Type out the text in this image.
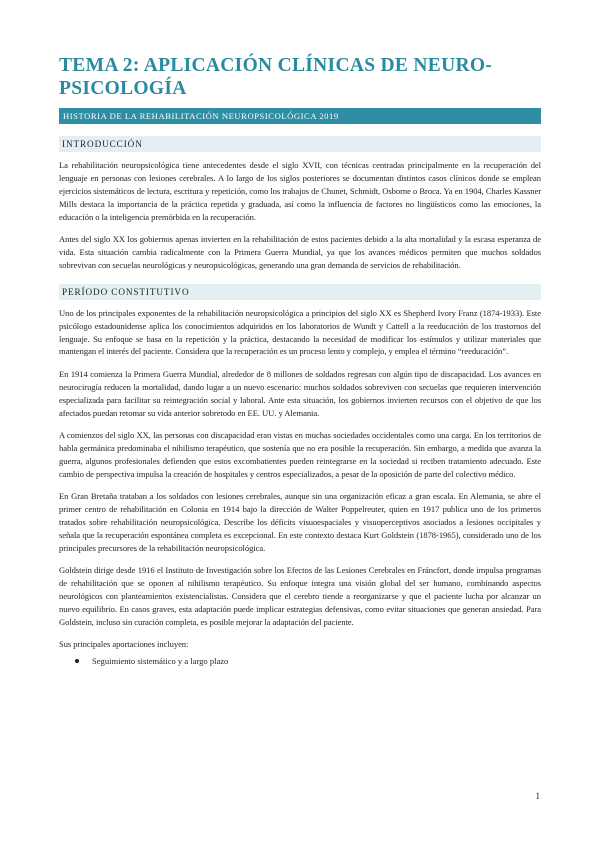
TEMA 2: APLICACIÓN CLÍNICAS DE NEURO-PSICOLOGÍA
HISTORIA DE LA REHABILITACIÓN NEUROPSICOLÓGICA 2019
INTRODUCCIÓN

La rehabilitación neuropsicológica tiene antecedentes desde el siglo XVII, con técnicas centradas principalmente en la recuperación del lenguaje en personas con lesiones cerebrales. A lo largo de los siglos posteriores se documentan distintos casos clínicos donde se emplean ejercicios sistemáticos de lectura, escritura y repetición, como los trabajos de Chunet, Schmidt, Osborne o Broca. Ya en 1904, Charles Kassner Mills destaca la importancia de la práctica repetida y graduada, así como la influencia de factores no lingüísticos como las emociones, la educación o la inteligencia premórbida en la recuperación.

Antes del siglo XX los gobiernos apenas invierten en la rehabilitación de estos pacientes debido a la alta mortalidad y la escasa esperanza de vida. Esta situación cambia radicalmente con la Primera Guerra Mundial, ya que los avances médicos permiten que muchos soldados sobrevivan con secuelas neurológicas y neuropsicológicas, generando una gran demanda de servicios de rehabilitación.

PERÍODO CONSTITUTIVO

Uno de los principales exponentes de la rehabilitación neuropsicológica a principios del siglo XX es Shepherd Ivory Franz (1874-1933). Este psicólogo estadounidense aplica los conocimientos adquiridos en los laboratorios de Wundt y Cattell a la reeducación de los trastornos del lenguaje. Su enfoque se basa en la repetición y la práctica, destacando la necesidad de modificar los estímulos y utilizar materiales que mantengan el interés del paciente. Considera que la recuperación es un proceso lento y complejo, y emplea el término “reeducación”.

En 1914 comienza la Primera Guerra Mundial, alrededor de 8 millones de soldados regresan con algún tipo de discapacidad. Los avances en neurocirugía reducen la mortalidad, dando lugar a un nuevo escenario: muchos soldados sobreviven con secuelas que requieren intervención especializada para facilitar su reintegración social y laboral. Ante esta situación, los gobiernos invierten recursos con el objetivo de que los afectados puedan retomar su vida anterior sobretodo en EE. UU. y Alemania.

A comienzos del siglo XX, las personas con discapacidad eran vistas en muchas sociedades occidentales como una carga. En los territorios de habla germánica predominaba el nihilismo terapéutico, que sostenía que no era posible la recuperación. Sin embargo, a medida que avanza la guerra, algunos profesionales defienden que estos excombatientes pueden reintegrarse en la sociedad si reciben tratamiento adecuado. Este cambio de perspectiva impulsa la creación de hospitales y centros especializados, a pesar de la oposición de parte del colectivo médico.

En Gran Bretaña trataban a los soldados con lesiones cerebrales, aunque sin una organización eficaz a gran escala. En Alemania, se abre el primer centro de rehabilitación en Colonia en 1914 bajo la dirección de Walter Poppelreuter, quien en 1917 publica uno de los primeros tratados sobre rehabilitación neuropsicológica. Describe los déficits visuoespaciales y visuoperceptivos asociados a lesiones occipitales y señala que la recuperación espontánea completa es excepcional. En este contexto destaca Kurt Goldstein (1878-1965), considerado uno de los principales precursores de la rehabilitación neuropsicológica.

Goldstein dirige desde 1916 el Instituto de Investigación sobre los Efectos de las Lesiones Cerebrales en Fráncfort, donde impulsa programas de rehabilitación que se oponen al nihilismo terapéutico. Su enfoque integra una visión global del ser humano, combinando aspectos neurológicos con planteamientos existencialistas. Considera que el cerebro tiende a reorganizarse y que el paciente lucha por alcanzar un nuevo equilibrio. En casos graves, esta adaptación puede implicar estrategias defensivas, como evitar situaciones que generan ansiedad. Para Goldstein, incluso sin curación completa, es posible mejorar la adaptación del paciente.

Sus principales aportaciones incluyen:

Seguimiento sistemático y a largo plazo
1
